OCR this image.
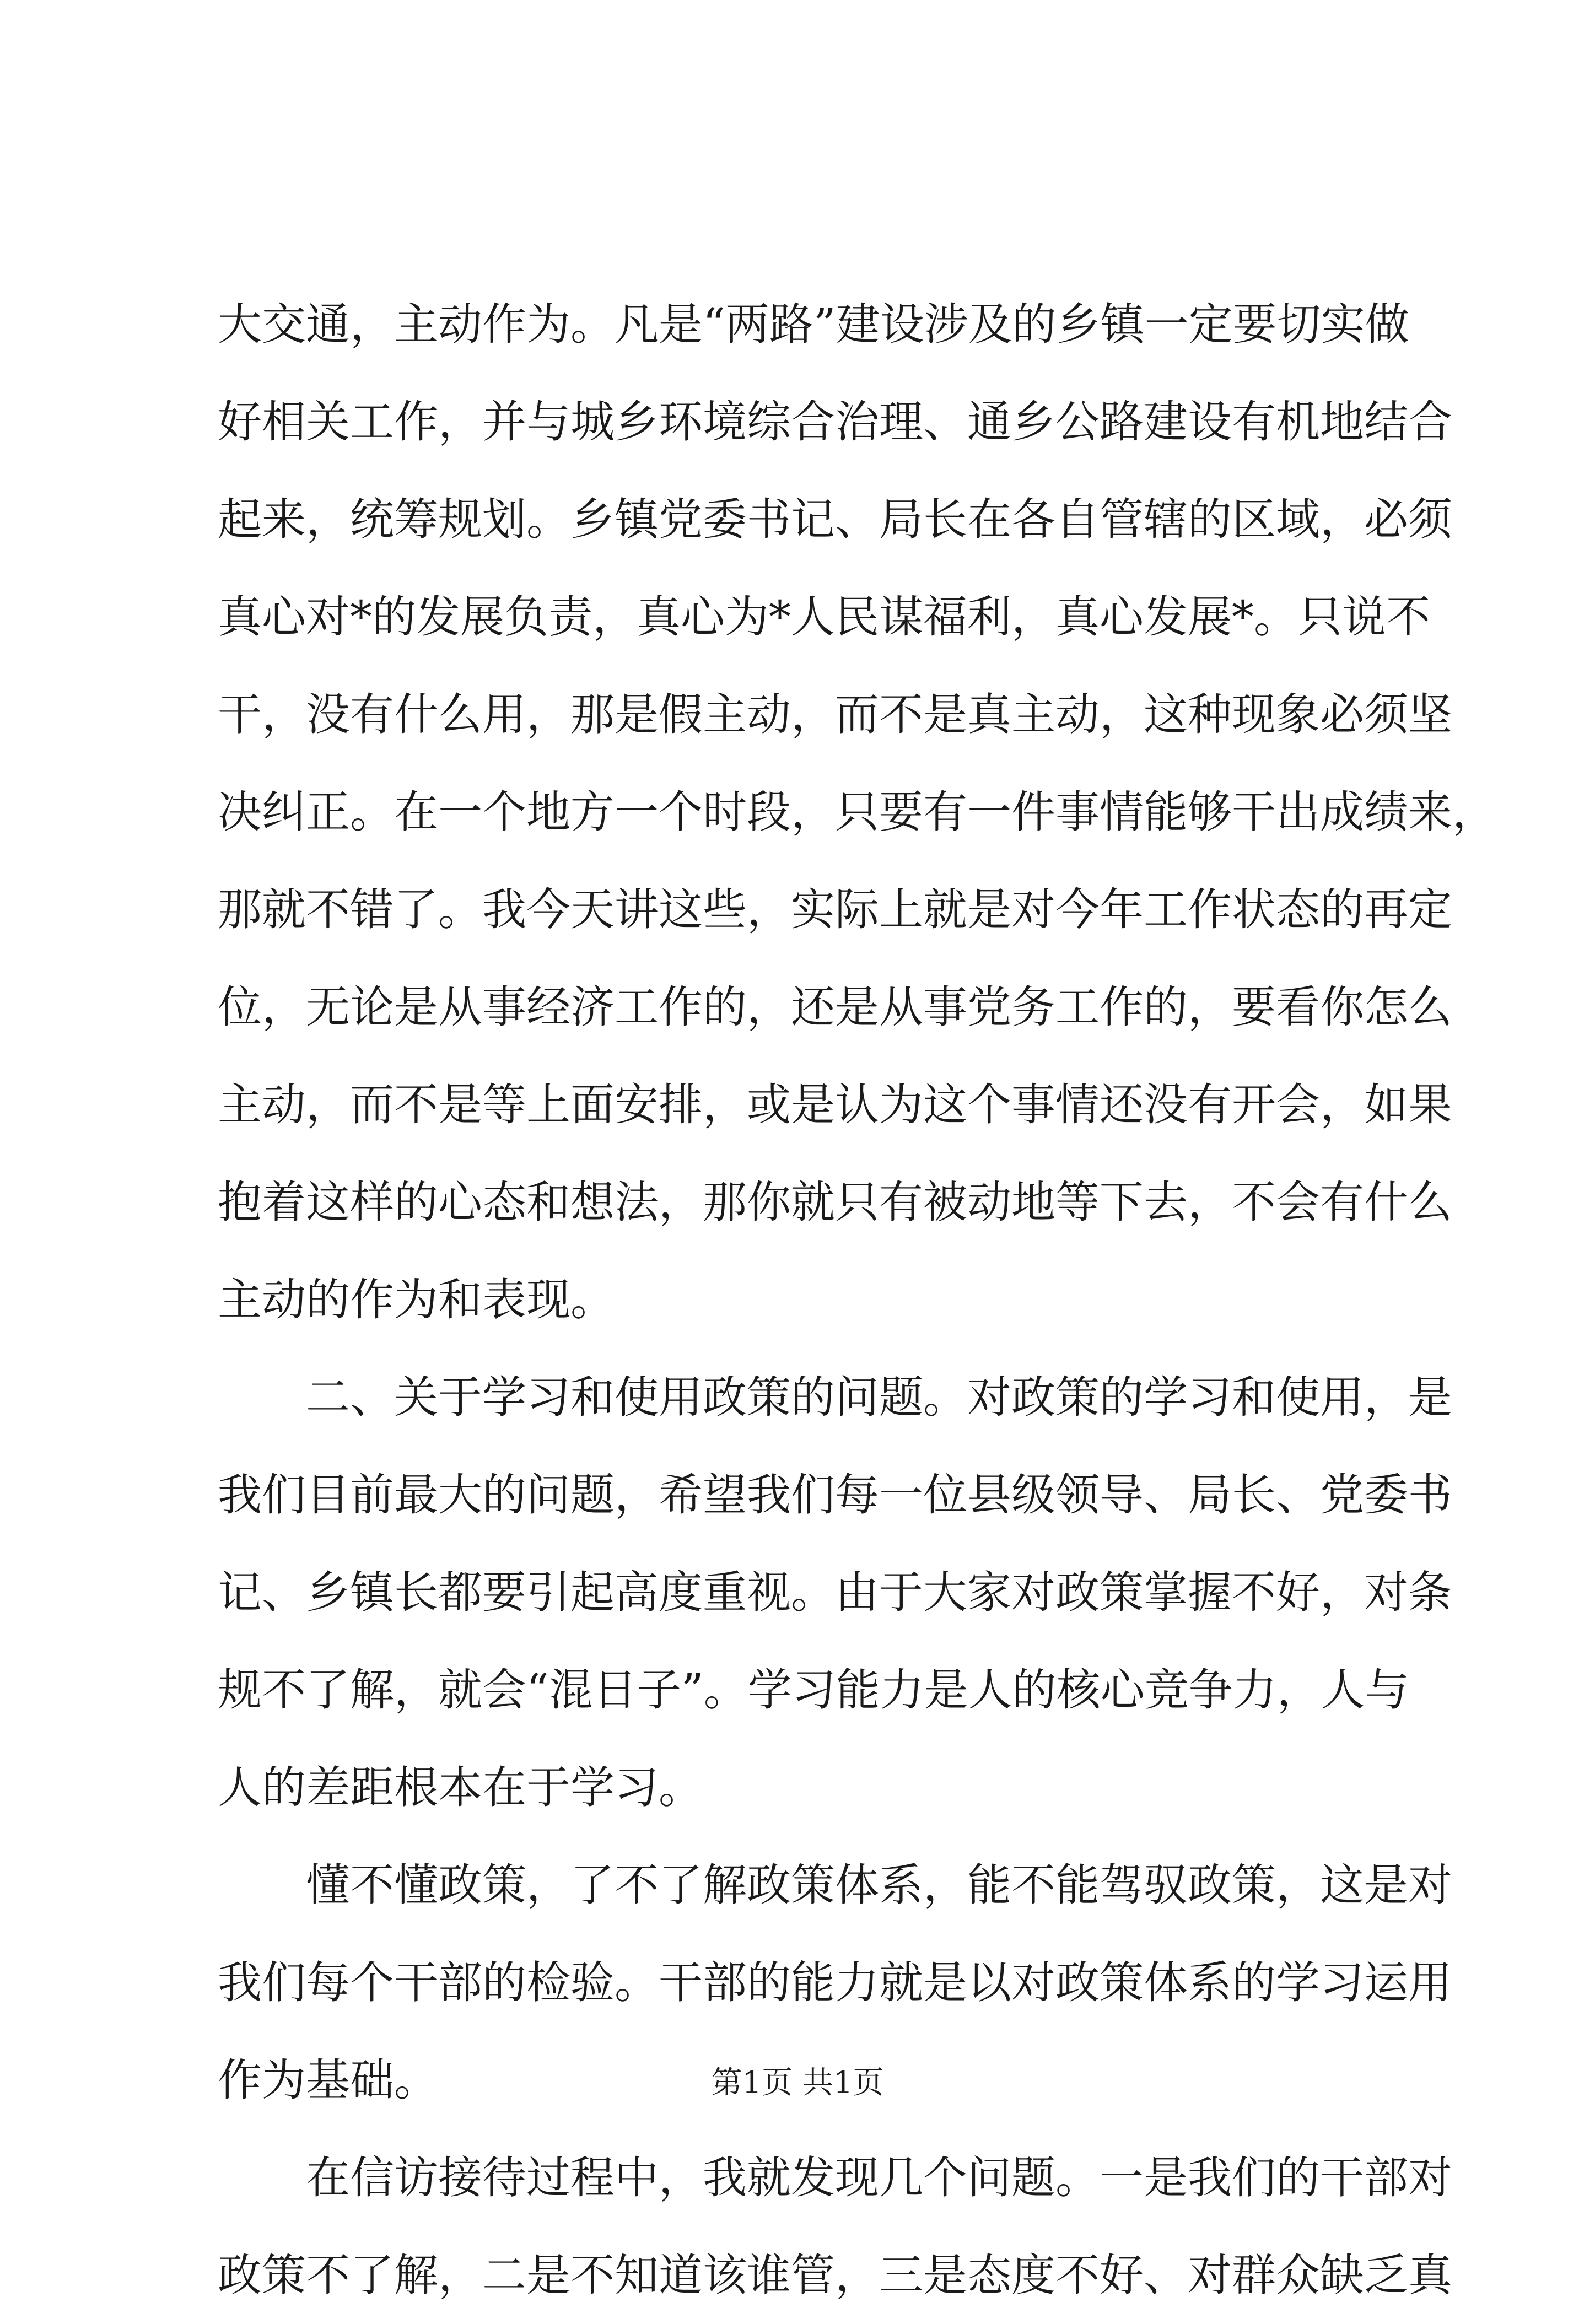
大交通，主动作为。凡是“两路”建设涉及的乡镇一定要切实做
好相关工作，并与城乡环境综合治理、通乡公路建设有机地结合
起来，统筹规划。乡镇党委书记、局长在各自管辖的区域，必须
真心对*的发展负责，真心为*人民谋福利，真心发展*。只说不
干，没有什么用，那是假主动，而不是真主动，这种现象必须坚
决纠正。在一个地方一个时段，只要有一件事情能够干出成绩来，
那就不错了。我今天讲这些，实际上就是对今年工作状态的再定
位，无论是从事经济工作的，还是从事党务工作的，要看你怎么
主动，而不是等上面安排，或是认为这个事情还没有开会，如果
抱着这样的心态和想法，那你就只有被动地等下去，不会有什么
主动的作为和表现。
　　二、关于学习和使用政策的问题。对政策的学习和使用，是
我们目前最大的问题，希望我们每一位县级领导、局长、党委书
记、乡镇长都要引起高度重视。由于大家对政策掌握不好，对条
规不了解，就会“混日子”。学习能力是人的核心竞争力，人与
人的差距根本在于学习。
　　懂不懂政策，了不了解政策体系，能不能驾驭政策，这是对
我们每个干部的检验。干部的能力就是以对政策体系的学习运用
作为基础。
　　在信访接待过程中，我就发现几个问题。一是我们的干部对
政策不了解，二是不知道该谁管，三是态度不好、对群众缺乏真
第1页 共1页
